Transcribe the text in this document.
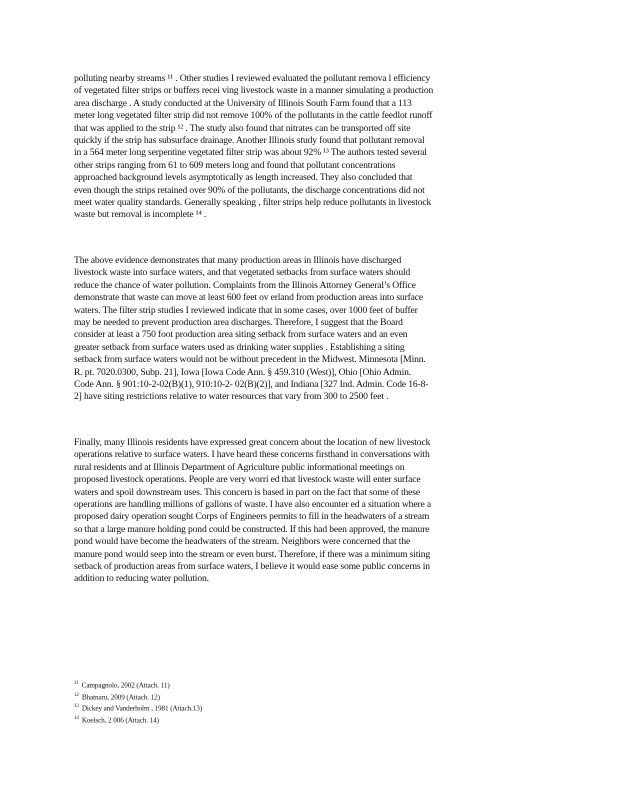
polluting nearby streams ¹¹ . Other studies I reviewed evaluated the pollutant remova l efficiency
of vegetated filter strips or buffers recei ving livestock waste in a manner simulating a production
area discharge . A study conducted at the University of Illinois South Farm found that a 113
meter long vegetated filter strip did not remove 100% of the pollutants in the cattle feedlot runoff
that was applied to the strip ¹² . The study also found that nitrates can be transported off site
quickly if the strip has subsurface drainage. Another Illinois study found that pollutant removal
in a 564 meter long serpentine vegetated filter strip was about 92% ¹³ The authors tested several
other strips ranging from 61 to 609 meters long and found that pollutant concentrations
approached background levels asymptotically as length increased. They also concluded that
even though the strips retained over 90% of the pollutants, the discharge concentrations did not
meet water quality standards. Generally speaking , filter strips help reduce pollutants in livestock
waste but removal is incomplete ¹⁴ .
The above evidence demonstrates that many production areas in Illinois have discharged
livestock waste into surface waters, and that vegetated setbacks from surface waters should
reduce the chance of water pollution. Complaints from the Illinois Attorney General’s Office
demonstrate that waste can move at least 600 feet ov erland from production areas into surface
waters. The filter strip studies I reviewed indicate that in some cases, over 1000 feet of buffer
may be needed to prevent production area discharges. Therefore, I suggest that the Board
consider at least a 750 foot production area siting setback from surface waters and an even
greater setback from surface waters used as drinking water supplies . Establishing a siting
setback from surface waters would not be without precedent in the Midwest. Minnesota [Minn.
R. pt. 7020.0300, Subp. 21], Iowa [Iowa Code Ann. § 459.310 (West)], Ohio [Ohio Admin.
Code Ann. § 901:10-2-02(B)(1), 910:10-2- 02(B)(2)], and Indiana [327 Ind. Admin. Code 16-8-
2] have siting restrictions relative to water resources that vary from 300 to 2500 feet .
Finally, many Illinois residents have expressed great concern about the location of new livestock
operations relative to surface waters. I have heard these concerns firsthand in conversations with
rural residents and at Illinois Department of Agriculture public informational meetings on
proposed livestock operations. People are very worri ed that livestock waste will enter surface
waters and spoil downstream uses. This concern is based in part on the fact that some of these
operations are handling millions of gallons of waste. I have also encounter ed a situation where a
proposed dairy operation sought Corps of Engineers permits to fill in the headwaters of a stream
so that a large manure holding pond could be constructed. If this had been approved, the manure
pond would have become the headwaters of the stream. Neighbors were concerned that the
manure pond would seep into the stream or even burst. Therefore, if there was a minimum siting
setback of production areas from surface waters, I believe it would ease some public concerns in
addition to reducing water pollution.
$^{11}$ Campagnolo, 2002 (Attach. 11)
$^{12}$ Bhatnaru, 2009 (Attach. 12)
$^{13}$ Dickey and Vanderholm , 1981 (Attach.13)
$^{14}$ Koelsch, 2 006 (Attach. 14)
